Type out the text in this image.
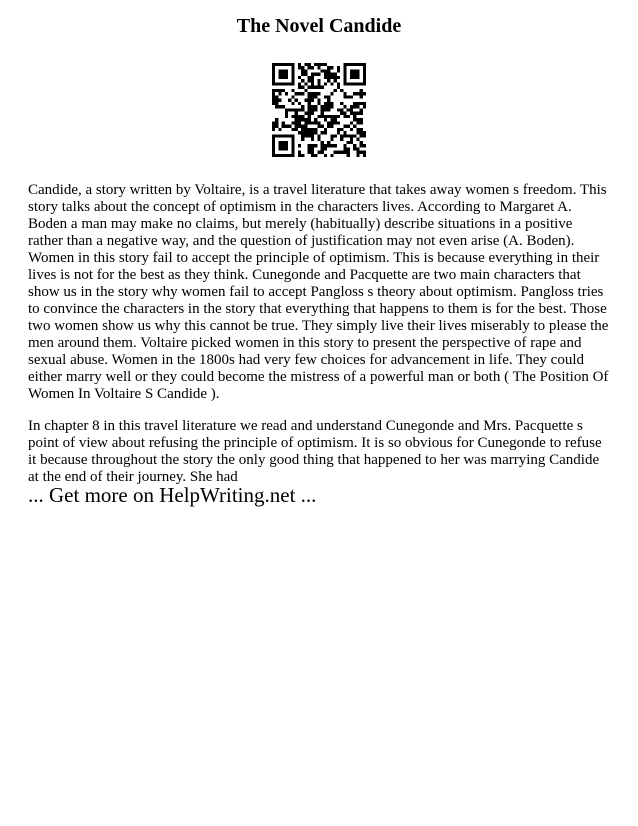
The Novel Candide

Candide, a story written by Voltaire, is a travel literature that takes away women s freedom. This story talks about the concept of optimism in the characters lives. According to Margaret A. Boden a man may make no claims, but merely (habitually) describe situations in a positive rather than a negative way, and the question of justification may not even arise (A. Boden). Women in this story fail to accept the principle of optimism. This is because everything in their lives is not for the best as they think. Cunegonde and Pacquette are two main characters that show us in the story why women fail to accept Pangloss s theory about optimism. Pangloss tries to convince the characters in the story that everything that happens to them is for the best. Those two women show us why this cannot be true. They simply live their lives miserably to please the men around them. Voltaire picked women in this story to present the perspective of rape and sexual abuse. Women in the 1800s had very few choices for advancement in life. They could either marry well or they could become the mistress of a powerful man or both ( The Position Of Women In Voltaire S Candide ).

In chapter 8 in this travel literature we read and understand Cunegonde and Mrs. Pacquette s point of view about refusing the principle of optimism. It is so obvious for Cunegonde to refuse it because throughout the story the only good thing that happened to her was marrying Candide at the end of their journey. She had

... Get more on HelpWriting.net ...
